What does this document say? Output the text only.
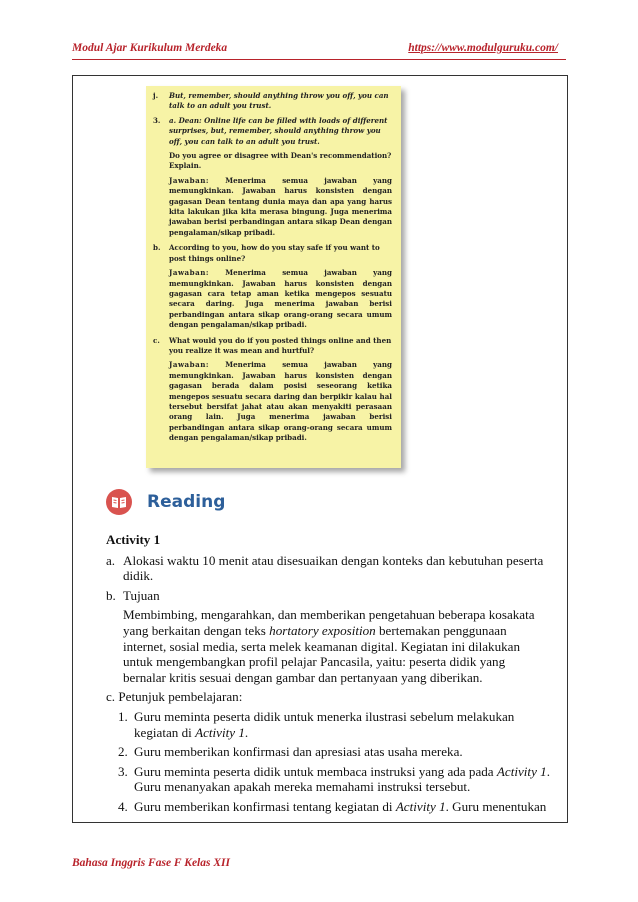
Modul Ajar Kurikulum Merdeka	https://www.modulguruku.com/
j.	But, remember, should anything throw you off, you can talk to an adult you trust.
3.	a. Dean: Online life can be filled with loads of different surprises, but, remember, should anything throw you off, you can talk to an adult you trust.
Do you agree or disagree with Dean's recommendation? Explain.
Jawaban: Menerima semua jawaban yang memungkinkan. Jawaban harus konsisten dengan gagasan Dean tentang dunia maya dan apa yang harus kita lakukan jika kita merasa bingung. Juga menerima jawaban berisi perbandingan antara sikap Dean dengan pengalaman/sikap pribadi.
b.	According to you, how do you stay safe if you want to post things online?
Jawaban: Menerima semua jawaban yang memungkinkan. Jawaban harus konsisten dengan gagasan cara tetap aman ketika mengepos sesuatu secara daring. Juga menerima jawaban berisi perbandingan antara sikap orang-orang secara umum dengan pengalaman/sikap pribadi.
c.	What would you do if you posted things online and then you realize it was mean and hurtful?
Jawaban: Menerima semua jawaban yang memungkinkan. Jawaban harus konsisten dengan gagasan berada dalam posisi seseorang ketika mengepos sesuatu secara daring dan berpikir kalau hal tersebut bersifat jahat atau akan menyakiti perasaan orang lain. Juga menerima jawaban berisi perbandingan antara sikap orang-orang secara umum dengan pengalaman/sikap pribadi.
Reading

Activity 1

a. Alokasi waktu 10 menit atau disesuaikan dengan konteks dan kebutuhan peserta didik.
b. Tujuan

Membimbing, mengarahkan, dan memberikan pengetahuan beberapa kosakata yang berkaitan dengan teks hortatory exposition bertemakan penggunaan internet, sosial media, serta melek keamanan digital. Kegiatan ini dilakukan untuk mengembangkan profil pelajar Pancasila, yaitu: peserta didik yang bernalar kritis sesuai dengan gambar dan pertanyaan yang diberikan.

c. Petunjuk pembelajaran:

1. Guru meminta peserta didik untuk menerka ilustrasi sebelum melakukan kegiatan di Activity 1.
2. Guru memberikan konfirmasi dan apresiasi atas usaha mereka.
3. Guru meminta peserta didik untuk membaca instruksi yang ada pada Activity 1. Guru menanyakan apakah mereka memahami instruksi tersebut.
4. Guru memberikan konfirmasi tentang kegiatan di Activity 1. Guru menentukan
Bahasa Inggris Fase F Kelas XII
